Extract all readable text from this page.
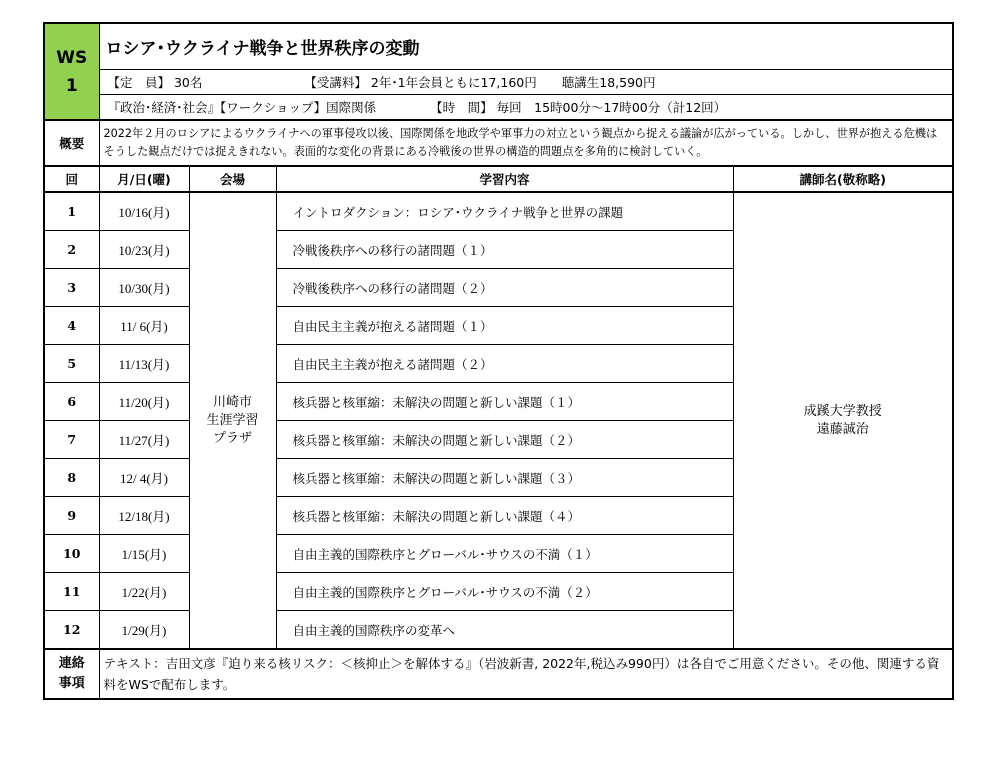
WS
1	ロシア･ウクライナ戦争と世界秩序の変動			
	【定　員】 30名 【受講料】 2年･1年会員ともに17,160円　　聴講生18,590円			
	『政治･経済･社会』【ワークショップ】国際関係 【時　間】 毎回　15時00分～17時00分（計12回）			
概要	2022年２月のロシアによるウクライナへの軍事侵攻以後、国際関係を地政学や軍事力の対立という観点から捉える議論が広がっている。しかし、世界が抱える危機はそうした観点だけでは捉えきれない。表面的な変化の背景にある冷戦後の世界の構造的問題点を多角的に検討していく。			
回	月/日(曜)	会場	学習内容	講師名(敬称略)
1	10/16(月)	川崎市
生涯学習
プラザ	イントロダクション：ロシア･ウクライナ戦争と世界の課題	成蹊大学教授
遠藤誠治

2	10/23(月)		冷戦後秩序への移行の諸問題（１）	
3	10/30(月)		冷戦後秩序への移行の諸問題（２）	
4	11/ 6(月)		自由民主主義が抱える諸問題（１）	
5	11/13(月)		自由民主主義が抱える諸問題（２）	
6	11/20(月)		核兵器と核軍縮：未解決の問題と新しい課題（１）	
7	11/27(月)		核兵器と核軍縮：未解決の問題と新しい課題（２）	
8	12/ 4(月)		核兵器と核軍縮：未解決の問題と新しい課題（３）	
9	12/18(月)		核兵器と核軍縮：未解決の問題と新しい課題（４）	
10	1/15(月)		自由主義的国際秩序とグローバル･サウスの不満（１）	
11	1/22(月)		自由主義的国際秩序とグローバル･サウスの不満（２）	
12	1/29(月)		自由主義的国際秩序の変革へ	

連絡
事項	テキスト：吉田文彦『迫り来る核リスク：＜核抑止＞を解体する』（岩波新書, 2022年,税込み990円）は各自でご用意ください。その他、関連する資料をWSで配布します。			
